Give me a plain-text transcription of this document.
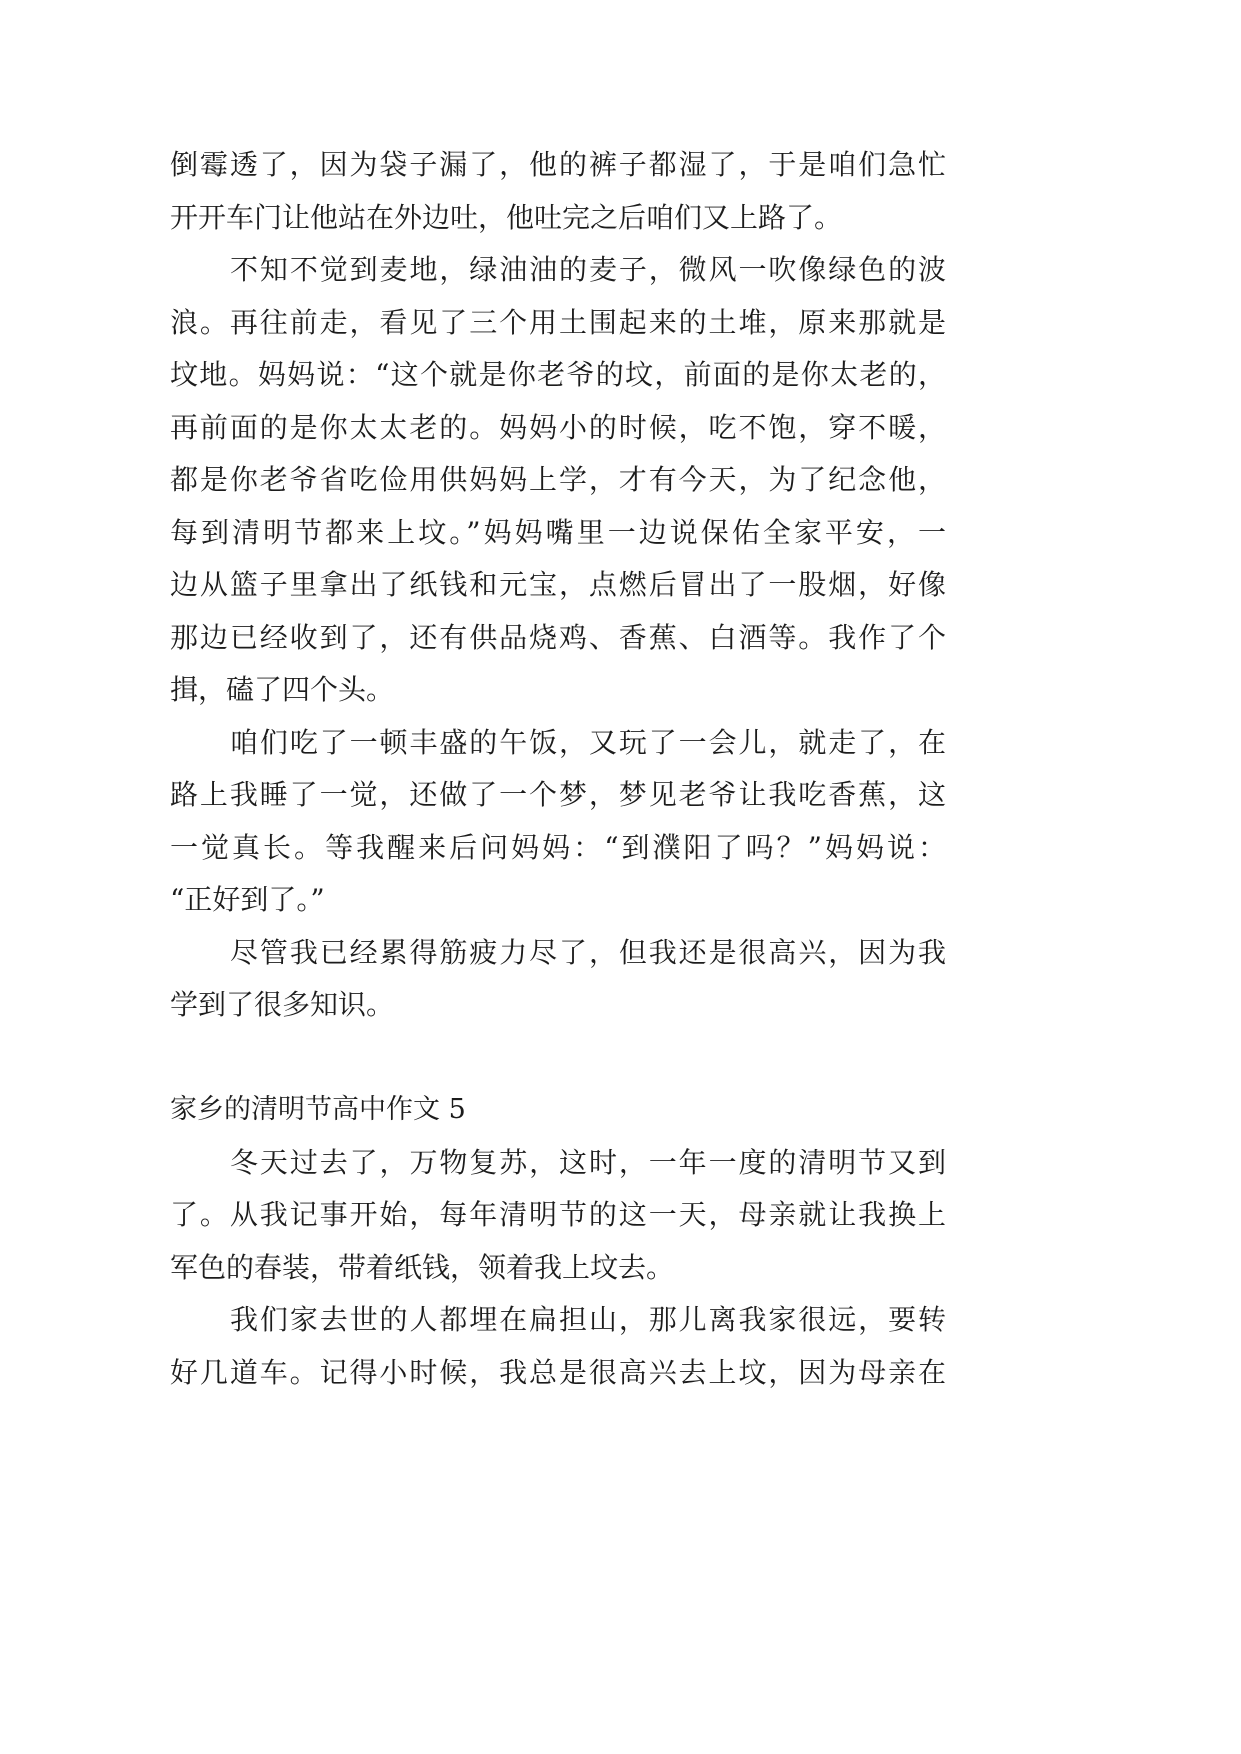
倒霉透了，因为袋子漏了，他的裤子都湿了，于是咱们急忙
开开车门让他站在外边吐，他吐完之后咱们又上路了。
不知不觉到麦地，绿油油的麦子，微风一吹像绿色的波
浪。再往前走，看见了三个用土围起来的土堆，原来那就是
坟地。妈妈说：“这个就是你老爷的坟，前面的是你太老的，
再前面的是你太太老的。妈妈小的时候，吃不饱，穿不暖，
都是你老爷省吃俭用供妈妈上学，才有今天，为了纪念他，
每到清明节都来上坟。”妈妈嘴里一边说保佑全家平安，一
边从篮子里拿出了纸钱和元宝，点燃后冒出了一股烟，好像
那边已经收到了，还有供品烧鸡、香蕉、白酒等。我作了个
揖，磕了四个头。
咱们吃了一顿丰盛的午饭，又玩了一会儿，就走了，在
路上我睡了一觉，还做了一个梦，梦见老爷让我吃香蕉，这
一觉真长。等我醒来后问妈妈：“到濮阳了吗？”妈妈说：
“正好到了。”
尽管我已经累得筋疲力尽了，但我还是很高兴，因为我
学到了很多知识。
家乡的清明节高中作文 5
冬天过去了，万物复苏，这时，一年一度的清明节又到
了。从我记事开始，每年清明节的这一天，母亲就让我换上
军色的春装，带着纸钱，领着我上坟去。
我们家去世的人都埋在扁担山，那儿离我家很远，要转
好几道车。记得小时候，我总是很高兴去上坟，因为母亲在
